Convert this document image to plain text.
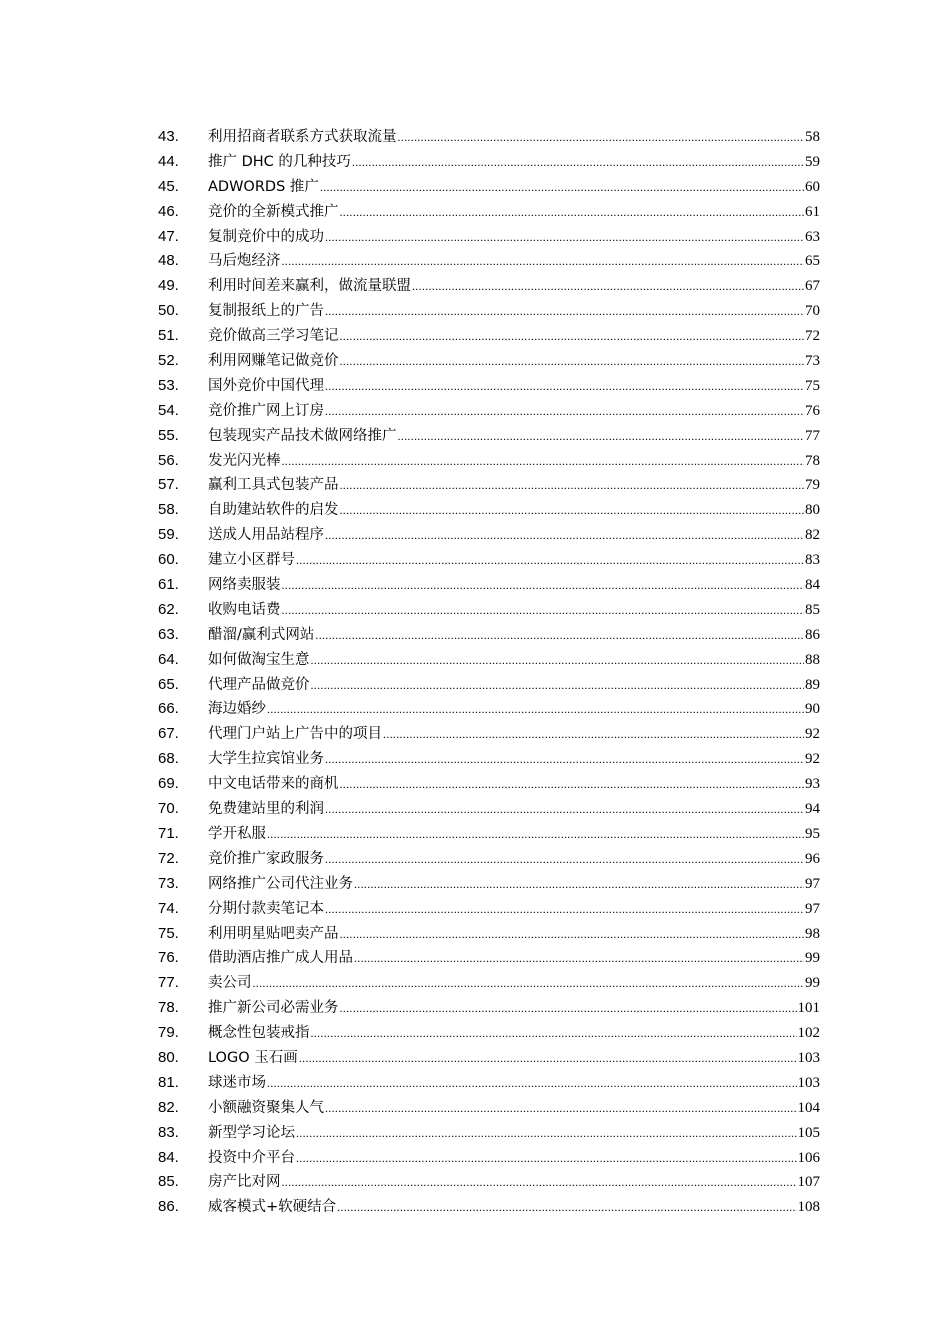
43.	利用招商者联系方式获取流量 .....	58
44.	推广 DHC 的几种技巧 .....	59
45.	ADWORDS 推广 .....	60
46.	竞价的全新模式推广 .....	61
47.	复制竞价中的成功 .....	63
48.	马后炮经济 .....	65
49.	利用时间差来赢利，做流量联盟 .....	67
50.	复制报纸上的广告 .....	70
51.	竞价做高三学习笔记 .....	72
52.	利用网赚笔记做竞价 .....	73
53.	国外竞价中国代理 .....	75
54.	竞价推广网上订房 .....	76
55.	包装现实产品技术做网络推广 .....	77
56.	发光闪光棒 .....	78
57.	赢利工具式包装产品 .....	79
58.	自助建站软件的启发 .....	80
59.	送成人用品站程序 .....	82
60.	建立小区群号 .....	83
61.	网络卖服装 .....	84
62.	收购电话费 .....	85
63.	醋溜/赢利式网站 .....	86
64.	如何做淘宝生意 .....	88
65.	代理产品做竞价 .....	89
66.	海边婚纱 .....	90
67.	代理门户站上广告中的项目 .....	92
68.	大学生拉宾馆业务 .....	92
69.	中文电话带来的商机 .....	93
70.	免费建站里的利润 .....	94
71.	学开私服 .....	95
72.	竞价推广家政服务 .....	96
73.	网络推广公司代注业务 .....	97
74.	分期付款卖笔记本 .....	97
75.	利用明星贴吧卖产品 .....	98
76.	借助酒店推广成人用品 .....	99
77.	卖公司 .....	99
78.	推广新公司必需业务 .....	101
79.	概念性包装戒指 .....	102
80.	LOGO 玉石画 .....	103
81.	球迷市场 .....	103
82.	小额融资聚集人气 .....	104
83.	新型学习论坛 .....	105
84.	投资中介平台 .....	106
85.	房产比对网 .....	107
86.	威客模式+软硬结合 .....	108
